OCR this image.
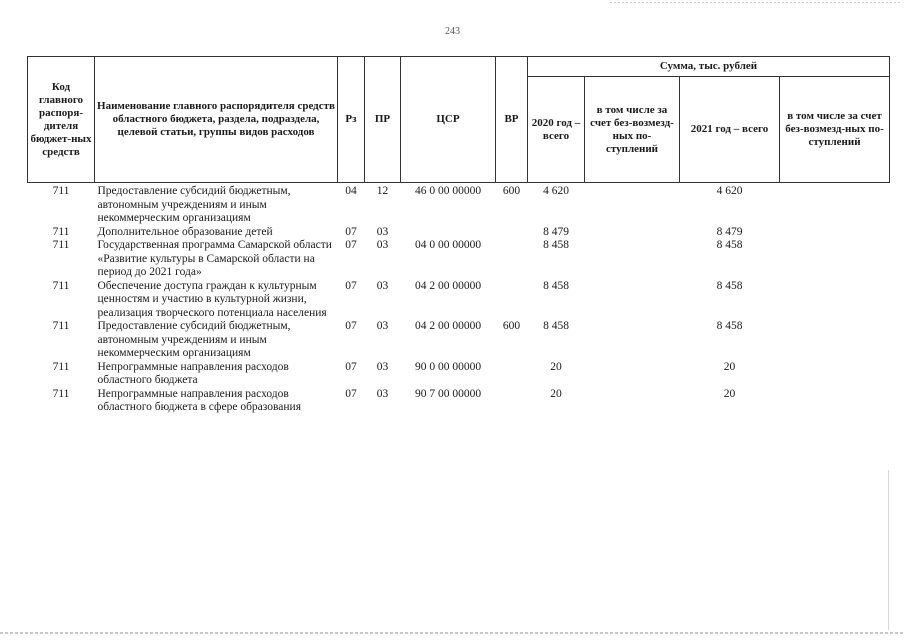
243
Код главного распоря-дителя бюджет-ных средств	Наименование главного распорядителя средств областного бюджета, раздела, подраздела, целевой статьи, группы видов расходов	Рз	ПР	ЦСР	ВР	Сумма, тыс. рублей			
						2020 год – всего	в том числе за счет без-возмезд-ных по-ступлений	2021 год – всего	в том числе за счет без-возмезд-ных по-ступлений
711	Предоставление субсидий бюджетным, автономным учреждениям и иным некоммерческим организациям	04	12	46 0 00 00000	600	4 620		4 620	
711	Дополнительное образование детей	07	03			8 479		8 479	
711	Государственная программа Самарской области «Развитие культуры в Самарской области на период до 2021 года»	07	03	04 0 00 00000		8 458		8 458	
711	Обеспечение доступа граждан к культурным ценностям и участию в культурной жизни, реализация творческого потенциала населения	07	03	04 2 00 00000		8 458		8 458	
711	Предоставление субсидий бюджетным, автономным учреждениям и иным некоммерческим организациям	07	03	04 2 00 00000	600	8 458		8 458	
711	Непрограммные направления расходов областного бюджета	07	03	90 0 00 00000		20		20	
711	Непрограммные направления расходов областного бюджета в сфере образования	07	03	90 7 00 00000		20		20	
